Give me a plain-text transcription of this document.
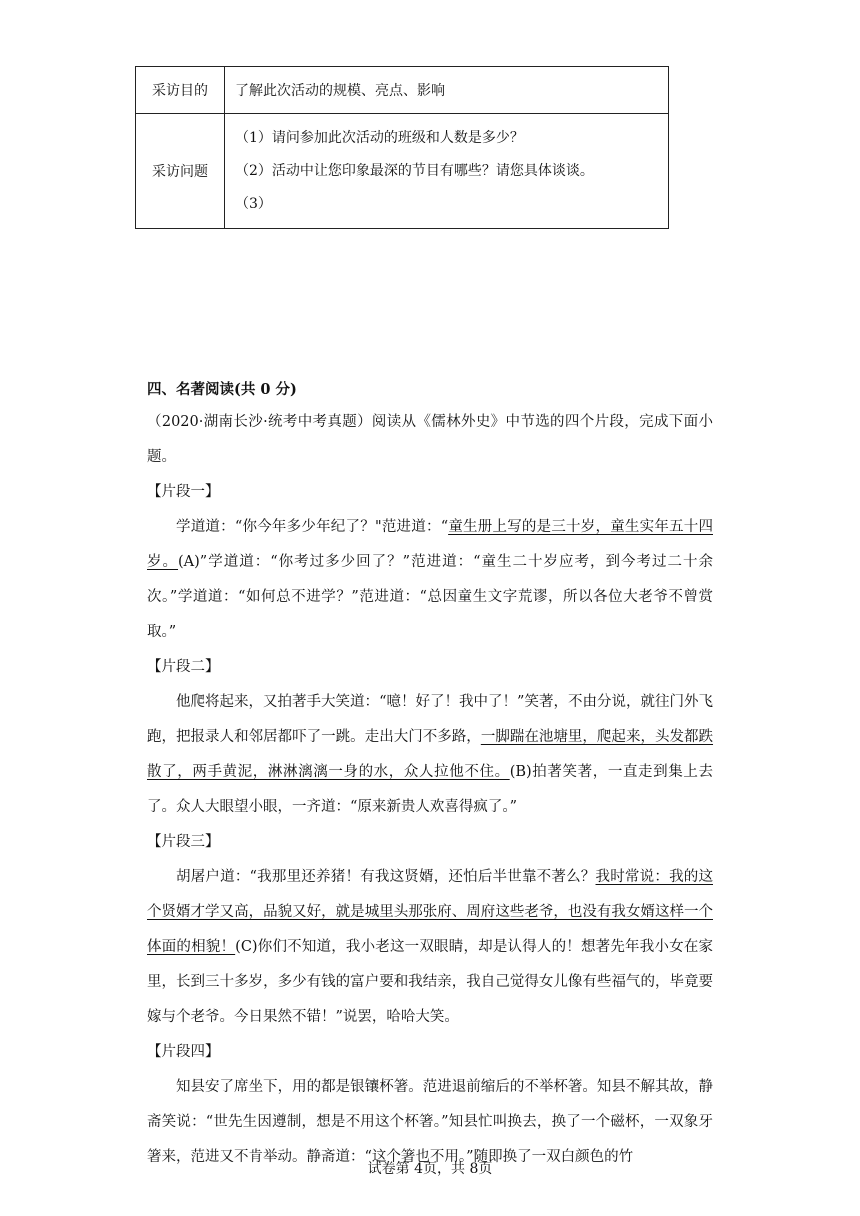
采访目的	了解此次活动的规模、亮点、影响
采访问题	（1）请问参加此次活动的班级和人数是多少？
（2）活动中让您印象最深的节目有哪些？请您具体谈谈。
（3）
四、名著阅读(共 0 分)

（2020·湖南长沙·统考中考真题）阅读从《儒林外史》中节选的四个片段，完成下面小题。

【片段一】

学道道：“你今年多少年纪了？"范进道：“童生册上写的是三十岁，童生实年五十四岁。(A)”学道道：“你考过多少回了？”范进道：“童生二十岁应考，到今考过二十余次。”学道道：“如何总不进学？”范进道：“总因童生文字荒谬，所以各位大老爷不曾赏取。”

【片段二】

他爬将起来，又拍著手大笑道：“噫！好了！我中了！”笑著，不由分说，就往门外飞跑，把报录人和邻居都吓了一跳。走出大门不多路，一脚踹在池塘里，爬起来，头发都跌散了，两手黄泥，淋淋漓漓一身的水，众人拉他不住。(B)拍著笑著，一直走到集上去了。众人大眼望小眼，一齐道：“原来新贵人欢喜得疯了。”

【片段三】

胡屠户道：“我那里还养猪！有我这贤婿，还怕后半世靠不著么？我时常说：我的这个贤婿才学又高，品貌又好，就是城里头那张府、周府这些老爷，也没有我女婿这样一个体面的相貌！(C)你们不知道，我小老这一双眼睛，却是认得人的！想著先年我小女在家里，长到三十多岁，多少有钱的富户要和我结亲，我自己觉得女儿像有些福气的，毕竟要嫁与个老爷。今日果然不错！”说罢，哈哈大笑。

【片段四】

知县安了席坐下，用的都是银镶杯箸。范进退前缩后的不举杯箸。知县不解其故，静斋笑说：“世先生因遵制，想是不用这个杯箸。”知县忙叫换去，换了一个磁杯，一双象牙箸来，范进又不肯举动。静斋道：“这个箸也不用。”随即换了一双白颜色的竹

试卷第 4页，共 8页
